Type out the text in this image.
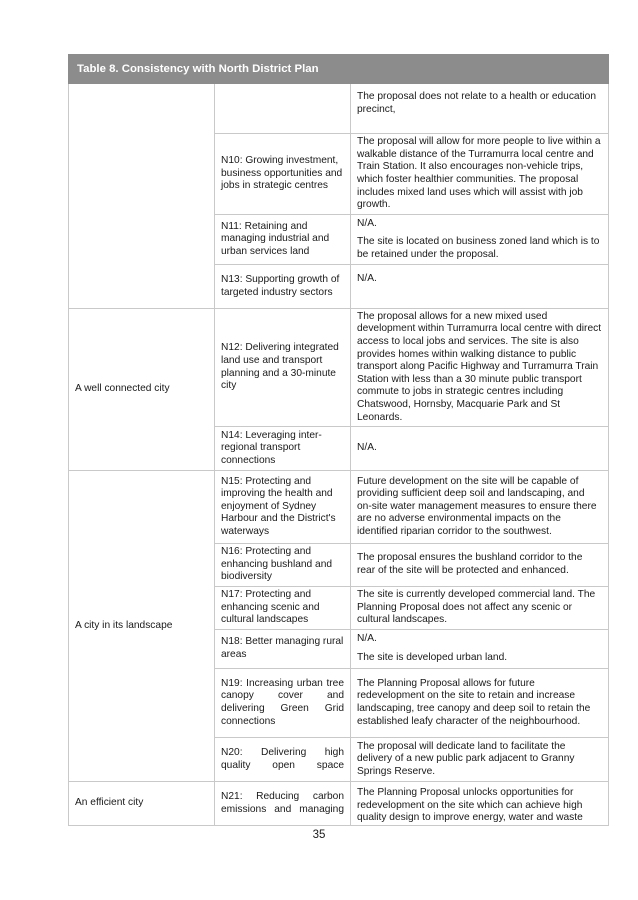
Table 8. Consistency with North District Plan		

		The proposal does not relate to a health or education precinct,

	N10: Growing investment, business opportunities and jobs in strategic centres	The proposal will allow for more people to live within a walkable distance of the Turramurra local centre and Train Station. It also encourages non-vehicle trips, which foster healthier communities. The proposal includes mixed land uses which will assist with job growth.

	N11: Retaining and managing industrial and urban services land	N/A.

The site is located on business zoned land which is to be retained under the proposal.

	N13: Supporting growth of targeted industry sectors	N/A.

A well connected city	N12: Delivering integrated land use and transport planning and a 30-minute city	The proposal allows for a new mixed used development within Turramurra local centre with direct access to local jobs and services. The site is also provides homes within walking distance to public transport along Pacific Highway and Turramurra Train Station with less than a 30 minute public transport commute to jobs in strategic centres including Chatswood, Hornsby, Macquarie Park and St Leonards.

	N14: Leveraging inter-regional transport connections	N/A.

A city in its landscape	N15: Protecting and improving the health and enjoyment of Sydney Harbour and the District's waterways	Future development on the site will be capable of providing sufficient deep soil and landscaping, and on-site water management measures to ensure there are no adverse environmental impacts on the identified riparian corridor to the southwest.

	N16: Protecting and enhancing bushland and biodiversity	The proposal ensures the bushland corridor to the rear of the site will be protected and enhanced.

	N17: Protecting and enhancing scenic and cultural landscapes	The site is currently developed commercial land. The Planning Proposal does not affect any scenic or cultural landscapes.

	N18: Better managing rural areas	N/A.

The site is developed urban land.

	N19: Increasing urban tree canopy cover and delivering Green Grid connections	The Planning Proposal allows for future redevelopment on the site to retain and increase landscaping, tree canopy and deep soil to retain the established leafy character of the neighbourhood.

	N20: Delivering high quality open space	The proposal will dedicate land to facilitate the delivery of a new public park adjacent to Granny Springs Reserve.

An efficient city	N21: Reducing carbon emissions and managing	The Planning Proposal unlocks opportunities for redevelopment on the site which can achieve high quality design to improve energy, water and waste

35
